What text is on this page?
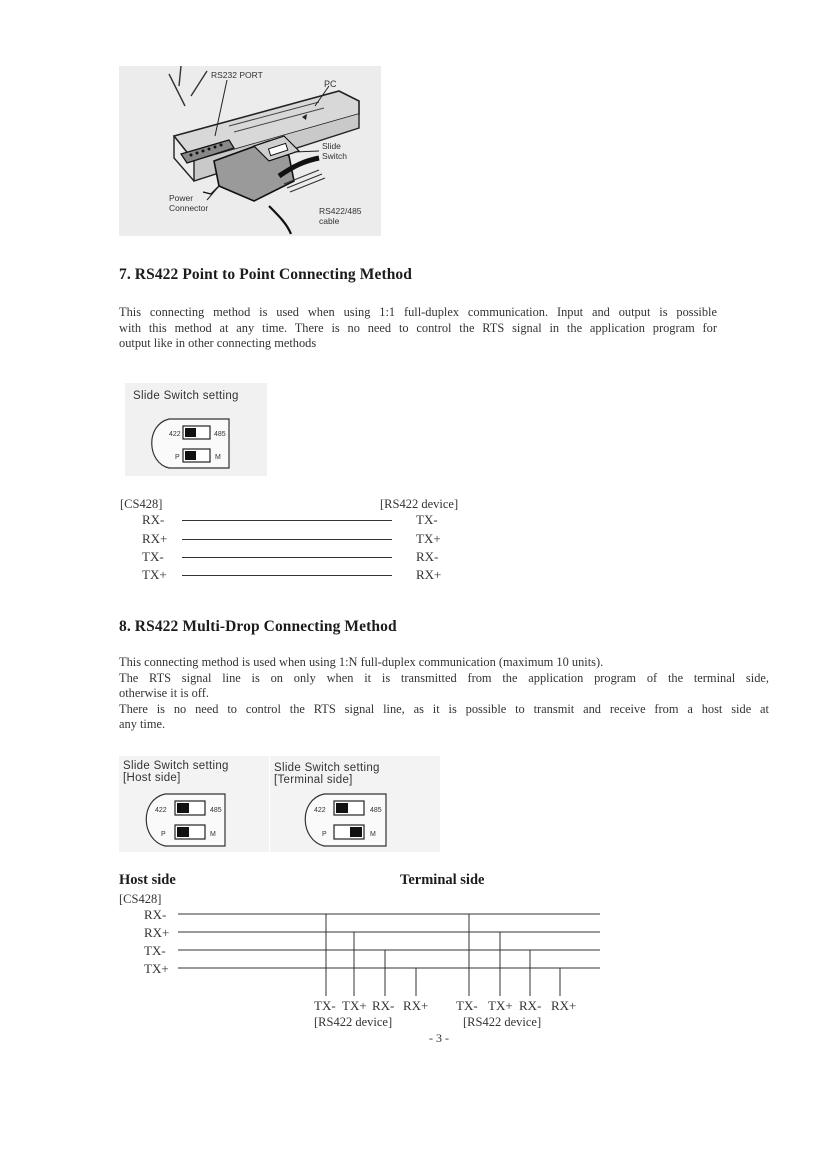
RS232 PORT
PC
Slide
Switch
Power
Connector	RS422/485
cable
7. RS422 Point to Point Connecting Method

This connecting method is used when using 1:1 full-duplex communication. Input and output is possible

with this method at any time. There is no need to control the RTS signal in the application program for

output like in other connecting methods

Slide Switch setting
422	485
P	M
[CS428]	[RS422 device]
RX-	TX-
RX+	TX+
TX-	RX-
TX+	RX+
8. RS422 Multi-Drop Connecting Method

This connecting method is used when using 1:N full-duplex communication (maximum 10 units).

The RTS signal line is on only when it is transmitted from the application program of the terminal side,

otherwise it is off.

There is no need to control the RTS signal line, as it is possible to transmit and receive from a host side at

any time.

Slide Switch setting
[Host side]
422	485
P	M
Slide Switch setting
[Terminal side]
422	485
P	M
Host side	Terminal side
[CS428]
RX-
RX+
TX-
TX+
TX- TX+ RX- RX+
[RS422 device]
TX- TX+ RX- RX+
[RS422 device]
- 3 -
